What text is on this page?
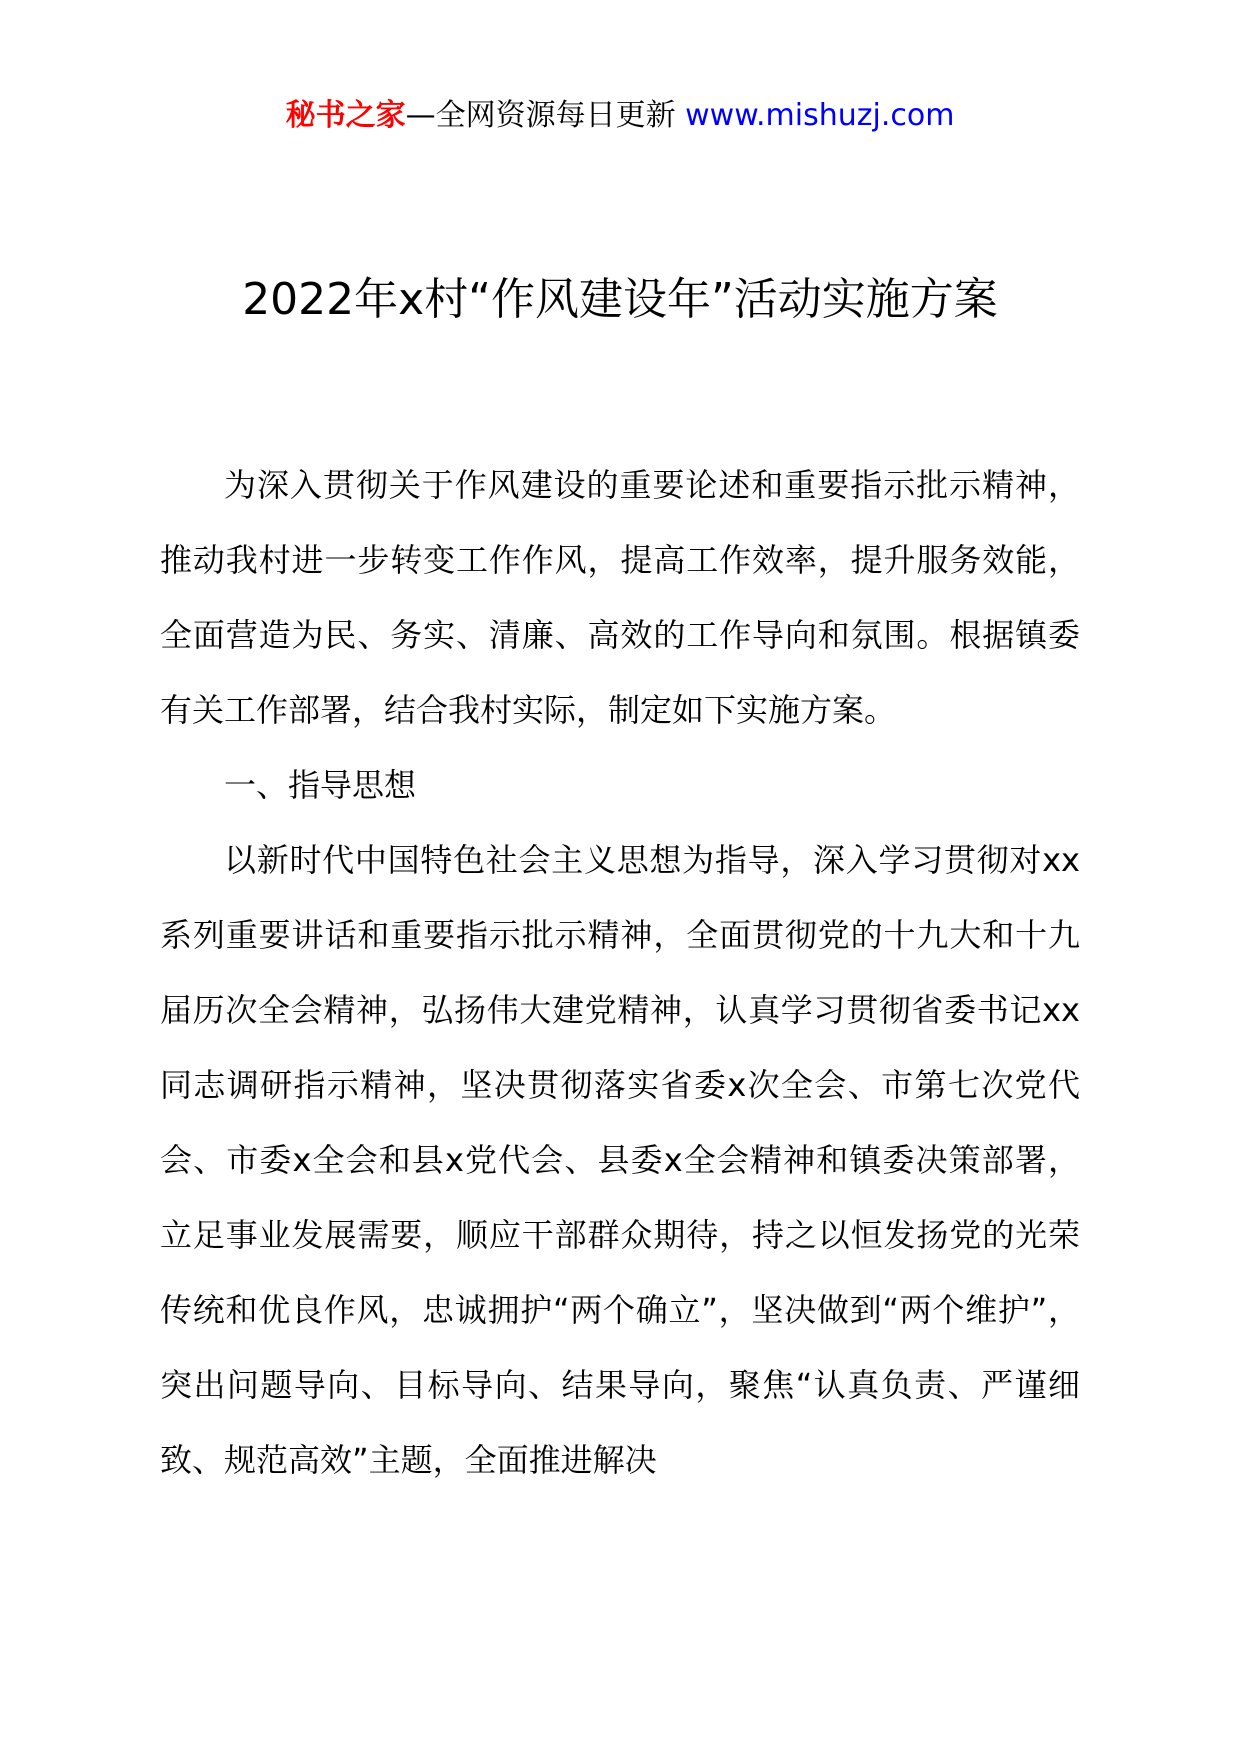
秘书之家—全网资源每日更新 www.mishuzj.com
2022年x村“作风建设年”活动实施方案

为深入贯彻关于作风建设的重要论述和重要指示批示精神，推动我村进一步转变工作作风，提高工作效率，提升服务效能，全面营造为民、务实、清廉、高效的工作导向和氛围。根据镇委有关工作部署，结合我村实际，制定如下实施方案。

一、指导思想

以新时代中国特色社会主义思想为指导，深入学习贯彻对xx系列重要讲话和重要指示批示精神，全面贯彻党的十九大和十九届历次全会精神，弘扬伟大建党精神，认真学习贯彻省委书记xx同志调研指示精神，坚决贯彻落实省委x次全会、市第七次党代会、市委x全会和县x党代会、县委x全会精神和镇委决策部署，立足事业发展需要，顺应干部群众期待，持之以恒发扬党的光荣传统和优良作风，忠诚拥护“两个确立”，坚决做到“两个维护”，突出问题导向、目标导向、结果导向，聚焦“认真负责、严谨细致、规范高效”主题，全面推进解决
